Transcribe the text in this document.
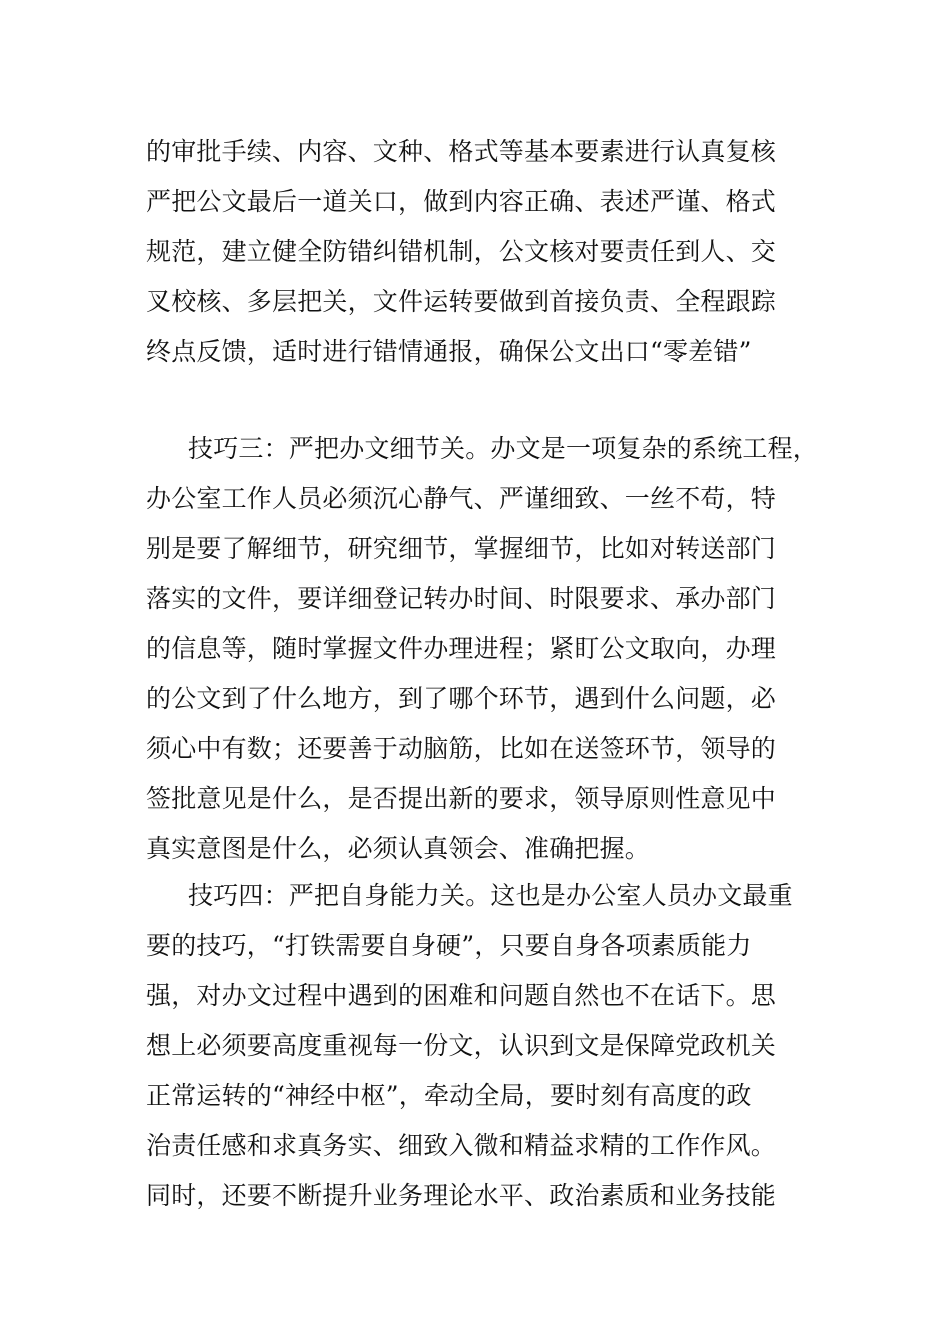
的审批手续、内容、文种、格式等基本要素进行认真复核

严把公文最后一道关口，做到内容正确、表述严谨、格式

规范，建立健全防错纠错机制，公文核对要责任到人、交

叉校核、多层把关，文件运转要做到首接负责、全程跟踪

终点反馈，适时进行错情通报，确保公文出口“零差错”

技巧三：严把办文细节关。办文是一项复杂的系统工程，

办公室工作人员必须沉心静气、严谨细致、一丝不苟，特

别是要了解细节，研究细节，掌握细节，比如对转送部门

落实的文件，要详细登记转办时间、时限要求、承办部门

的信息等，随时掌握文件办理进程；紧盯公文取向，办理

的公文到了什么地方，到了哪个环节，遇到什么问题，必

须心中有数；还要善于动脑筋，比如在送签环节，领导的

签批意见是什么，是否提出新的要求，领导原则性意见中

真实意图是什么，必须认真领会、准确把握。

技巧四：严把自身能力关。这也是办公室人员办文最重

要的技巧，“打铁需要自身硬”，只要自身各项素质能力

强，对办文过程中遇到的困难和问题自然也不在话下。思

想上必须要高度重视每一份文，认识到文是保障党政机关

正常运转的“神经中枢”，牵动全局，要时刻有高度的政

治责任感和求真务实、细致入微和精益求精的工作作风。

同时，还要不断提升业务理论水平、政治素质和业务技能
